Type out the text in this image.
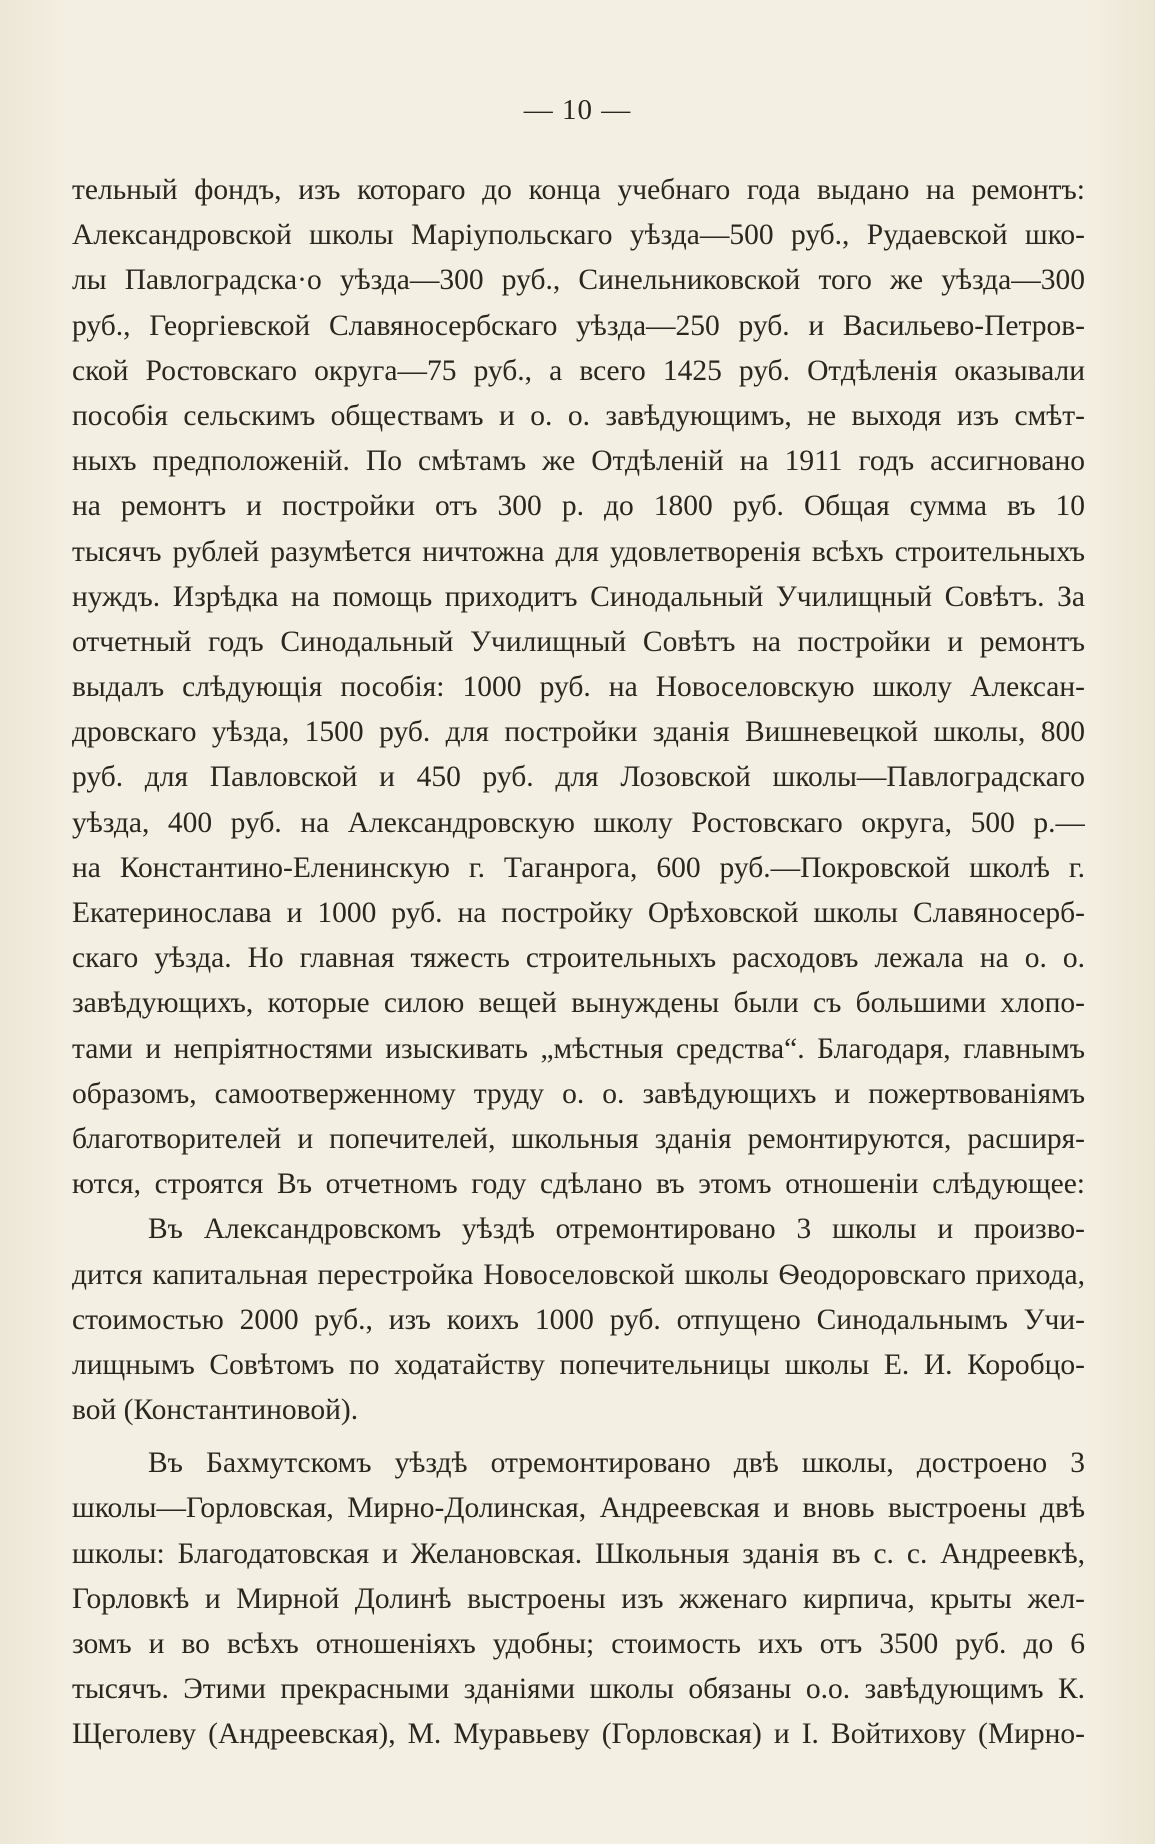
— 10 —
тельный фондъ, изъ котораго до конца учебнаго года выдано на ремонтъ:
Александровской школы Маріупольскаго уѣзда—500 руб., Рудаевской шко-
лы Павлоградска·о уѣзда—300 руб., Синельниковской того же уѣзда—300
руб., Георгіевской Славяносербскаго уѣзда—250 руб. и Васильево-Петров-
ской Ростовскаго округа—75 руб., а всего 1425 руб. Отдѣленія оказывали
пособія сельскимъ обществамъ и о. о. завѣдующимъ, не выходя изъ смѣт-
ныхъ предположеній. По смѣтамъ же Отдѣленій на 1911 годъ ассигновано
на ремонтъ и постройки отъ 300 р. до 1800 руб. Общая сумма въ 10
тысячъ рублей разумѣется ничтожна для удовлетворенія всѣхъ строительныхъ
нуждъ. Изрѣдка на помощь приходитъ Синодальный Училищный Совѣтъ. За
отчетный годъ Синодальный Училищный Совѣтъ на постройки и ремонтъ
выдалъ слѣдующія пособія: 1000 руб. на Новоселовскую школу Алексан-
дровскаго уѣзда, 1500 руб. для постройки зданія Вишневецкой школы, 800
руб. для Павловской и 450 руб. для Лозовской школы—Павлоградскаго
уѣзда, 400 руб. на Александровскую школу Ростовскаго округа, 500 р.—
на Константино-Еленинскую г. Таганрога, 600 руб.—Покровской школѣ г.
Екатеринослава и 1000 руб. на постройку Орѣховской школы Славяносерб-
скаго уѣзда. Но главная тяжесть строительныхъ расходовъ лежала на о. о.
завѣдующихъ, которые силою вещей вынуждены были съ большими хлопо-
тами и непріятностями изыскивать „мѣстныя средства“. Благодаря, главнымъ
образомъ, самоотверженному труду о. о. завѣдующихъ и пожертвованіямъ
благотворителей и попечителей, школьныя зданія ремонтируются, расширя-
ются, строятся Въ отчетномъ году сдѣлано въ этомъ отношеніи слѣдующее:
Въ Александровскомъ уѣздѣ отремонтировано 3 школы и произво-
дится капитальная перестройка Новоселовской школы Ѳеодоровскаго прихода,
стоимостью 2000 руб., изъ коихъ 1000 руб. отпущено Синодальнымъ Учи-
лищнымъ Совѣтомъ по ходатайству попечительницы школы Е. И. Коробцо-
вой (Константиновой).
Въ Бахмутскомъ уѣздѣ отремонтировано двѣ школы, достроено 3
школы—Горловская, Мирно-Долинская, Андреевская и вновь выстроены двѣ
школы: Благодатовская и Желановская. Школьныя зданія въ с. с. Андреевкѣ,
Горловкѣ и Мирной Долинѣ выстроены изъ жженаго кирпича, крыты жел-
зомъ и во всѣхъ отношеніяхъ удобны; стоимость ихъ отъ 3500 руб. до 6
тысячъ. Этими прекрасными зданіями школы обязаны о.о. завѣдующимъ К.
Щеголеву (Андреевская), М. Муравьеву (Горловская) и І. Войтихову (Мирно-
